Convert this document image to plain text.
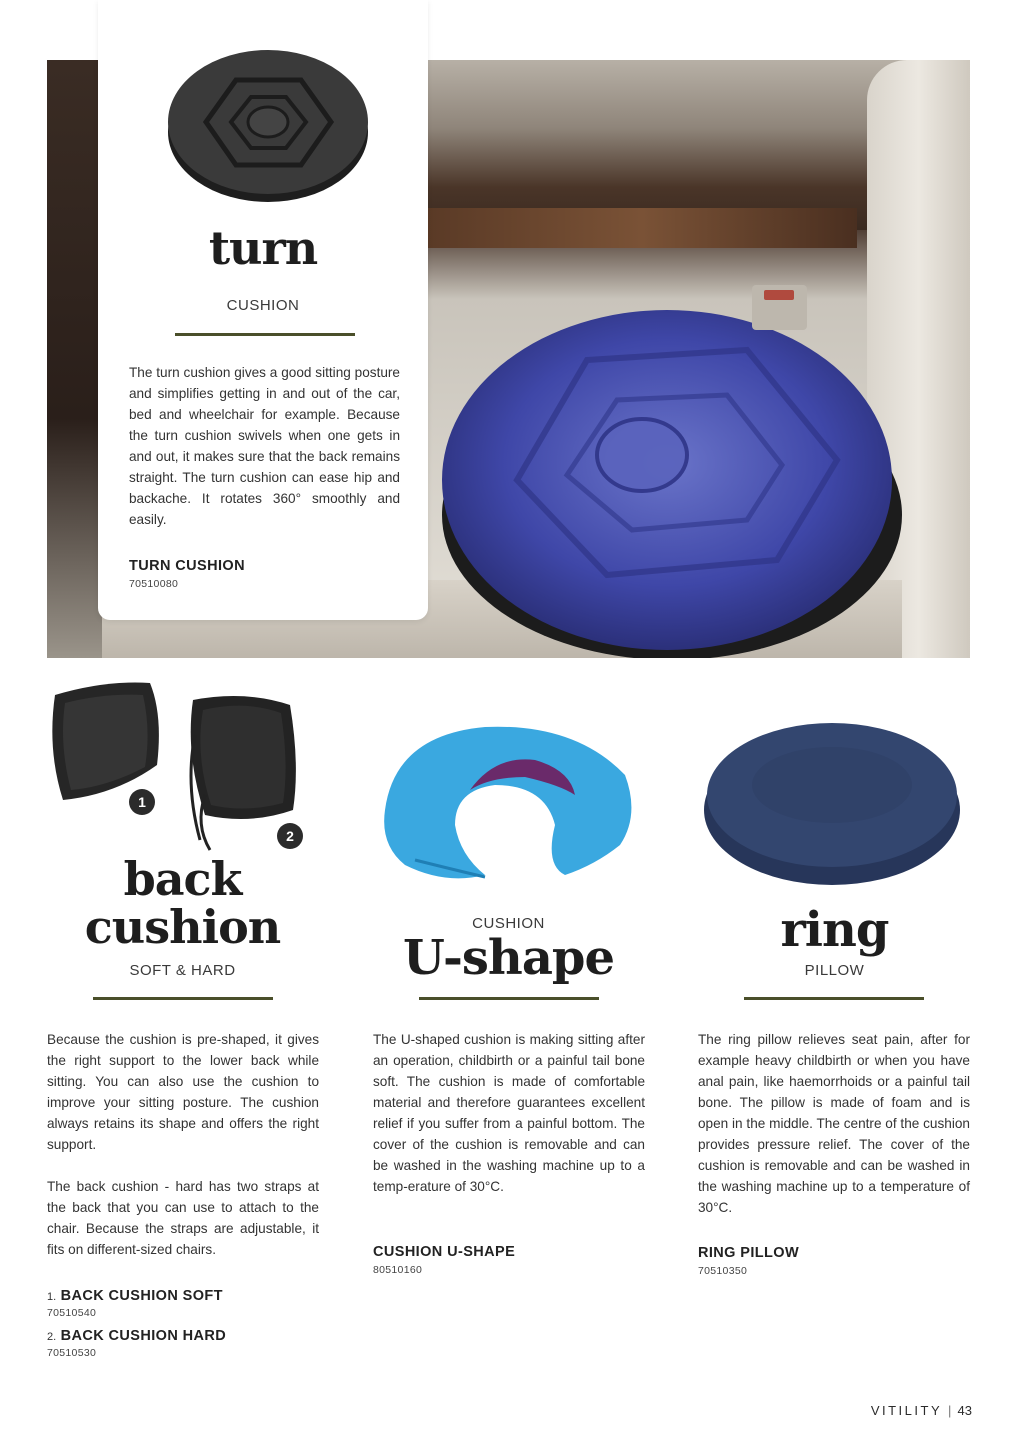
turn
CUSHION
The turn cushion gives a good sitting posture and simplifies getting in and out of the car, bed and wheelchair for example. Because the turn cushion swivels when one gets in and out, it makes sure that the back remains straight. The turn cushion can ease hip and backache. It rotates 360° smoothly and easily.
TURN CUSHION
70510080
1
2
back
cushion
SOFT & HARD
Because the cushion is pre-shaped, it gives the right support to the lower back while sitting. You can also use the cushion to improve your sitting posture. The cushion always retains its shape and offers the right support.
The back cushion - hard has two straps at the back that you can use to attach to the chair. Because the straps are adjustable, it fits on different-sized chairs.
1. BACK CUSHION SOFT
70510540
2. BACK CUSHION HARD
70510530
CUSHION
U-shape
The U-shaped cushion is making sitting after an operation, childbirth or a painful tail bone soft. The cushion is made of comfortable material and therefore guarantees excellent relief if you suffer from a painful bottom. The cover of the cushion is removable and can be washed in the washing machine up to a temp-erature of 30°C.
CUSHION U-SHAPE
80510160
ring
PILLOW
The ring pillow relieves seat pain, after for example heavy childbirth or when you have anal pain, like haemorrhoids or a painful tail bone. The pillow is made of foam and is open in the middle. The centre of the cushion provides pressure relief. The cover of the cushion is removable and can be washed in the washing machine up to a temperature of 30°C.
RING PILLOW
70510350
VITILITY | 43
